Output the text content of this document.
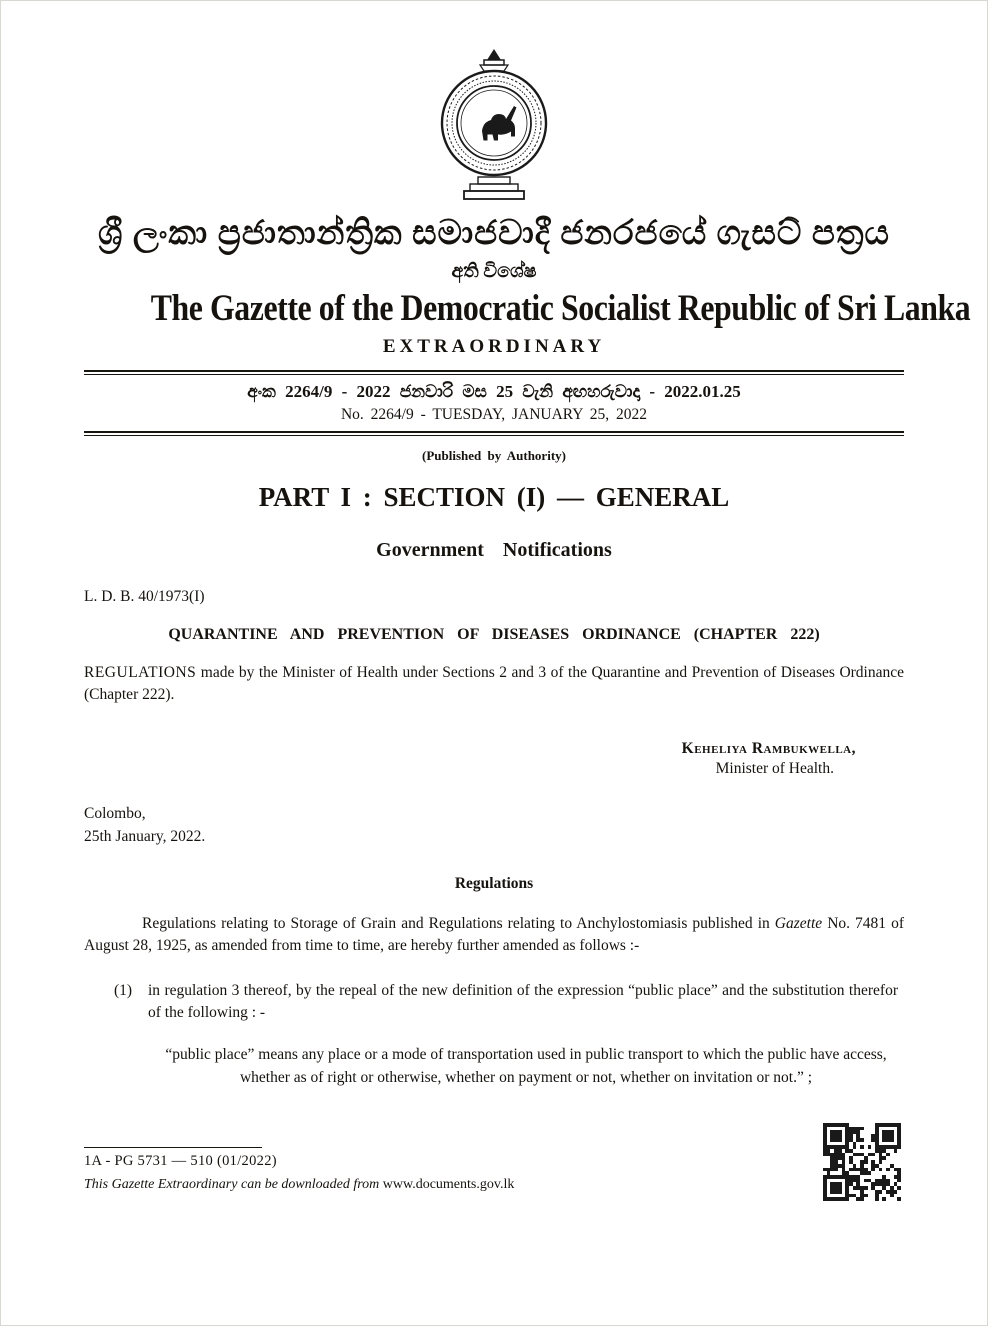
ශ්‍රී ලංකා ප්‍රජාතාන්ත්‍රික සමාජවාදී ජනරජයේ ගැසට් පත්‍රය
අති විශේෂ
The Gazette of the Democratic Socialist Republic of Sri Lanka
EXTRAORDINARY
අංක 2264/9 - 2022 ජනවාරි මස 25 වැනි අඟහරුවාදා - 2022.01.25
No. 2264/9 - TUESDAY, JANUARY 25, 2022
(Published by Authority)
PART I : SECTION (I) — GENERAL
Government Notifications
L. D. B. 40/1973(I)
QUARANTINE AND PREVENTION OF DISEASES ORDINANCE (CHAPTER 222)
REGULATIONS made by the Minister of Health under Sections 2 and 3 of the Quarantine and Prevention of Diseases Ordinance (Chapter 222).
Keheliya Rambukwella,
Minister of Health.
Colombo,
25th January, 2022.
Regulations
Regulations relating to Storage of Grain and Regulations relating to Anchylostomiasis published in Gazette No. 7481 of August 28, 1925, as amended from time to time, are hereby further amended as follows :-
(1)	in regulation 3 thereof, by the repeal of the new definition of the expression “public place” and the substitution therefor of the following : -
“public place” means any place or a mode of transportation used in public transport to which the public have access, whether as of right or otherwise, whether on payment or not, whether on invitation or not.” ;
1A - PG 5731 — 510 (01/2022)
This Gazette Extraordinary can be downloaded from www.documents.gov.lk
